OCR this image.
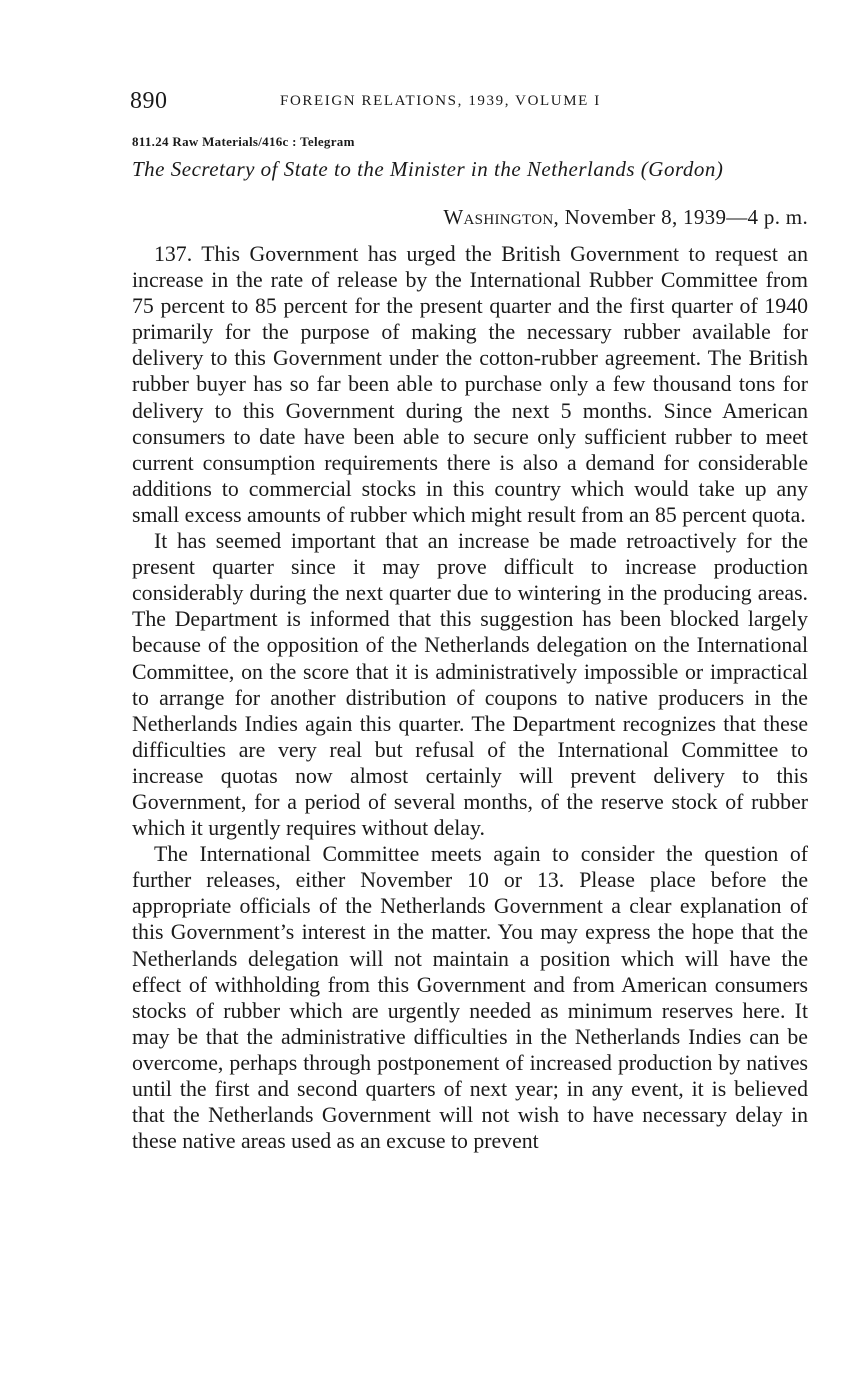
890	FOREIGN RELATIONS, 1939, VOLUME I
811.24 Raw Materials/416c : Telegram
The Secretary of State to the Minister in the Netherlands (Gordon)
Washington, November 8, 1939—4 p. m.

137. This Government has urged the British Government to request an increase in the rate of release by the International Rubber Committee from 75 percent to 85 percent for the present quarter and the first quarter of 1940 primarily for the purpose of making the necessary rubber available for delivery to this Government under the cotton-rubber agreement. The British rubber buyer has so far been able to purchase only a few thousand tons for delivery to this Government during the next 5 months. Since American consumers to date have been able to secure only sufficient rubber to meet current consumption requirements there is also a demand for considerable additions to commercial stocks in this country which would take up any small excess amounts of rubber which might result from an 85 percent quota.

It has seemed important that an increase be made retroactively for the present quarter since it may prove difficult to increase production considerably during the next quarter due to wintering in the producing areas. The Department is informed that this suggestion has been blocked largely because of the opposition of the Netherlands delegation on the International Committee, on the score that it is administratively impossible or impractical to arrange for another distribution of coupons to native producers in the Netherlands Indies again this quarter. The Department recognizes that these difficulties are very real but refusal of the International Committee to increase quotas now almost certainly will prevent delivery to this Government, for a period of several months, of the reserve stock of rubber which it urgently requires without delay.

The International Committee meets again to consider the question of further releases, either November 10 or 13. Please place before the appropriate officials of the Netherlands Government a clear explanation of this Government’s interest in the matter. You may express the hope that the Netherlands delegation will not maintain a position which will have the effect of withholding from this Government and from American consumers stocks of rubber which are urgently needed as minimum reserves here. It may be that the administrative difficulties in the Netherlands Indies can be overcome, perhaps through postponement of increased production by natives until the first and second quarters of next year; in any event, it is believed that the Netherlands Government will not wish to have necessary delay in these native areas used as an excuse to prevent
